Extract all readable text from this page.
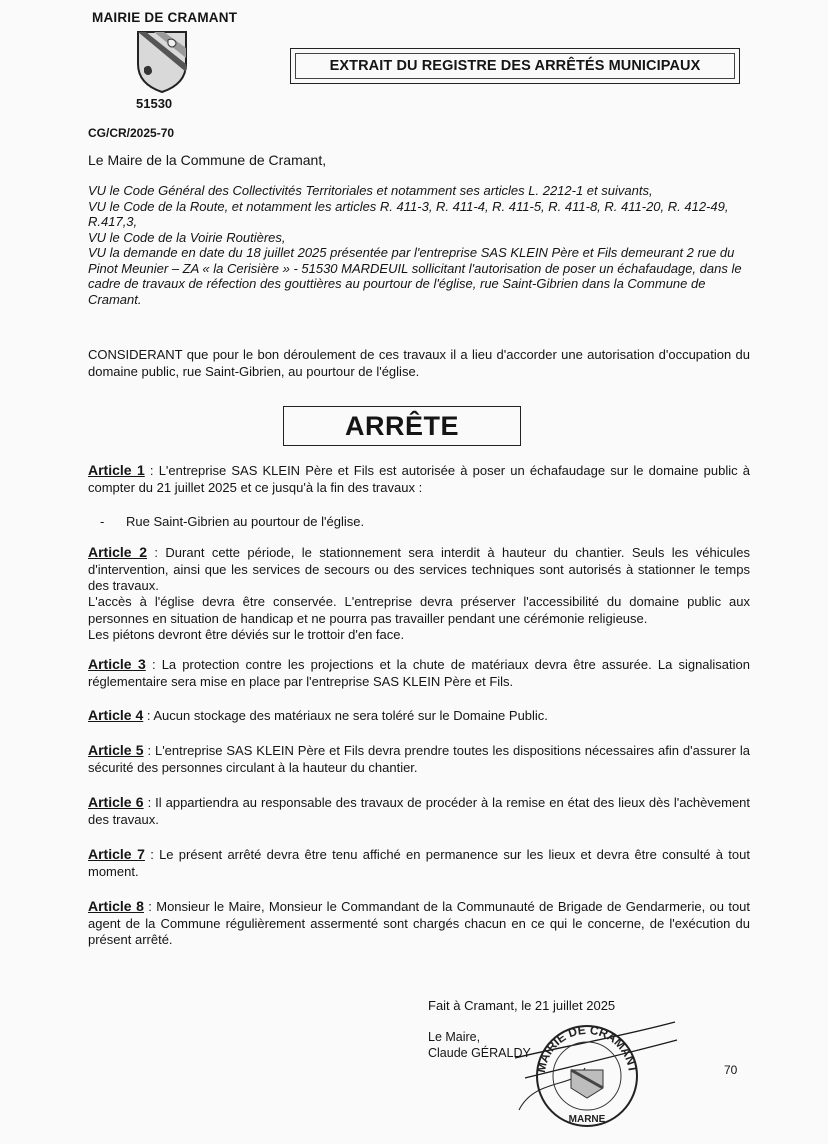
MAIRIE DE CRAMANT
51530
EXTRAIT DU REGISTRE DES ARRÊTÉS MUNICIPAUX
CG/CR/2025-70
Le Maire de la Commune de Cramant,

VU le Code Général des Collectivités Territoriales et notamment ses articles L. 2212-1 et suivants,

VU le Code de la Route, et notamment les articles R. 411-3, R. 411-4, R. 411-5, R. 411-8, R. 411-20, R. 412-49, R.417,3,

VU le Code de la Voirie Routières,

VU la demande en date du 18 juillet 2025 présentée par l'entreprise SAS KLEIN Père et Fils demeurant 2 rue du Pinot Meunier – ZA « la Cerisière » - 51530 MARDEUIL sollicitant l'autorisation de poser un échafaudage, dans le cadre de travaux de réfection des gouttières au pourtour de l'église, rue Saint-Gibrien dans la Commune de Cramant.

CONSIDERANT que pour le bon déroulement de ces travaux il a lieu d'accorder une autorisation d'occupation du domaine public, rue Saint-Gibrien, au pourtour de l'église.
ARRÊTE

Article 1 : L'entreprise SAS KLEIN Père et Fils est autorisée à poser un échafaudage sur le domaine public à compter du 21 juillet 2025 et ce jusqu'à la fin des travaux :

- Rue Saint-Gibrien au pourtour de l'église.

Article 2 : Durant cette période, le stationnement sera interdit à hauteur du chantier. Seuls les véhicules d'intervention, ainsi que les services de secours ou des services techniques sont autorisés à stationner le temps des travaux.

L'accès à l'église devra être conservée. L'entreprise devra préserver l'accessibilité du domaine public aux personnes en situation de handicap et ne pourra pas travailler pendant une cérémonie religieuse.

Les piétons devront être déviés sur le trottoir d'en face.

Article 3 : La protection contre les projections et la chute de matériaux devra être assurée. La signalisation réglementaire sera mise en place par l'entreprise SAS KLEIN Père et Fils.

Article 4 : Aucun stockage des matériaux ne sera toléré sur le Domaine Public.

Article 5 : L'entreprise SAS KLEIN Père et Fils devra prendre toutes les dispositions nécessaires afin d'assurer la sécurité des personnes circulant à la hauteur du chantier.

Article 6 : Il appartiendra au responsable des travaux de procéder à la remise en état des lieux dès l'achèvement des travaux.

Article 7 : Le présent arrêté devra être tenu affiché en permanence sur les lieux et devra être consulté à tout moment.

Article 8 : Monsieur le Maire, Monsieur le Commandant de la Communauté de Brigade de Gendarmerie, ou tout agent de la Commune régulièrement assermenté sont chargés chacun en ce qui le concerne, de l'exécution du présent arrêté.

Fait à Cramant, le 21 juillet 2025
Le Maire,
Claude GÉRALDY
MAIRIE DE CRAMANT
MARNE
70
